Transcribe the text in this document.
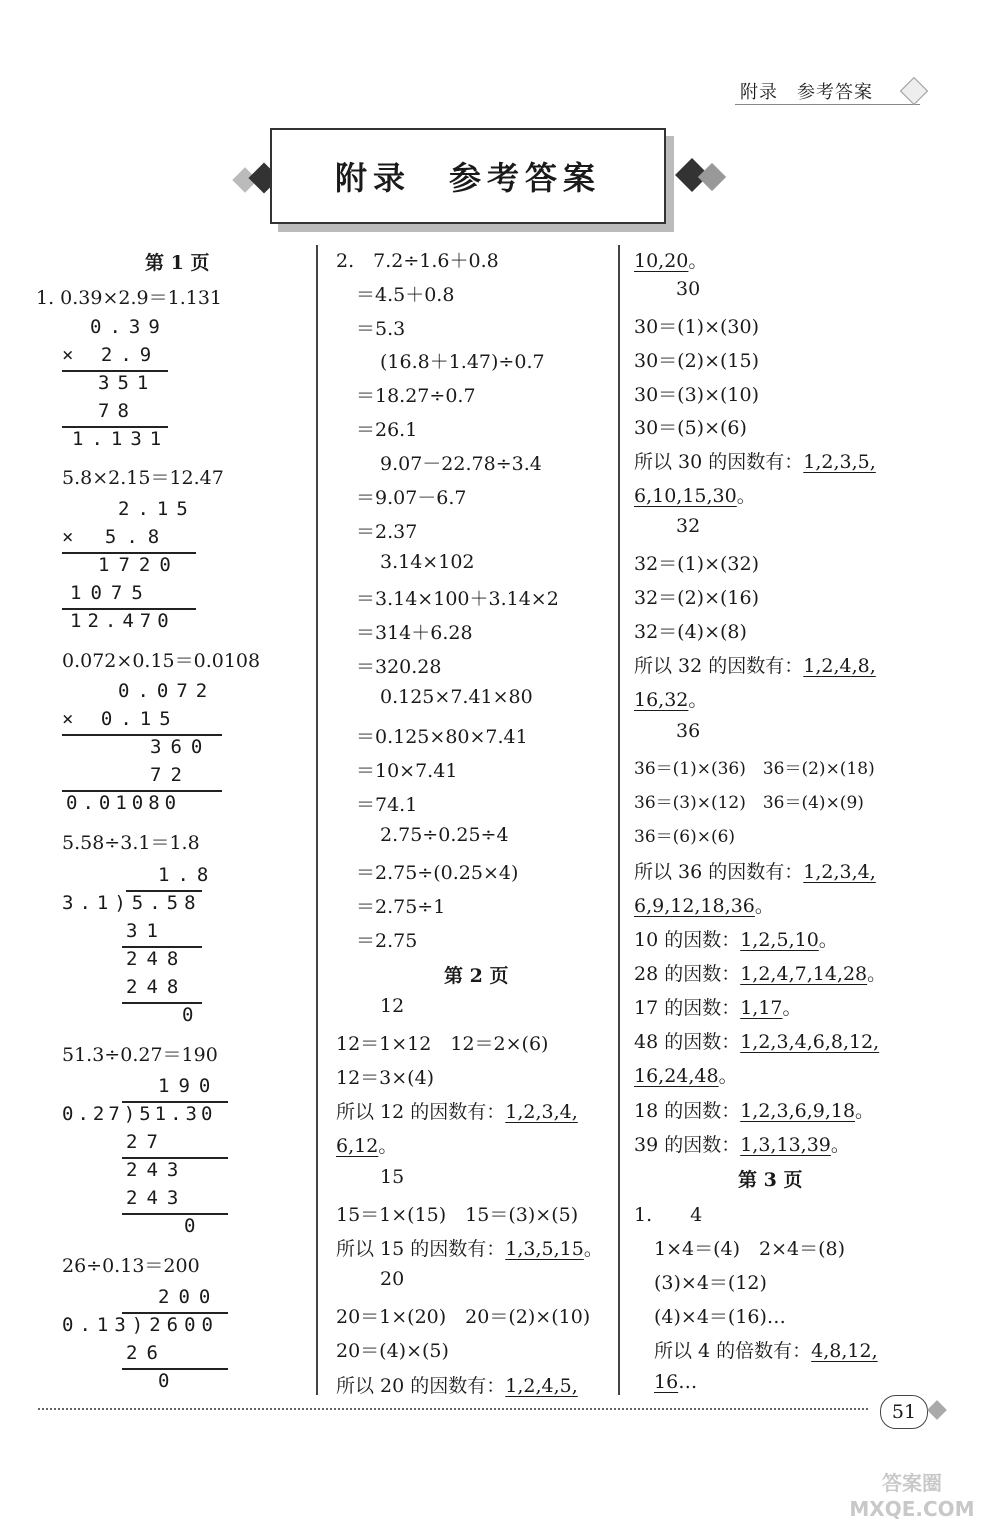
附录　参考答案
附录　参考答案
第 1 页
1. 0.39×2.9＝1.131
0.39
× 2.9
351
78
1.131
5.8×2.15＝12.47
2.15
× 5.8
1720
1075
12.470
0.072×0.15＝0.0108
0.072
× 0.15
360
72
0.01080
5.58÷3.1＝1.8
1.8
3.1)5.58
31
248
248
0
51.3÷0.27＝190
190
0.27)51.30
27
243
243
0
26÷0.13＝200
200
0.13)2600
26
0
2.　7.2÷1.6＋0.8
＝4.5＋0.8
＝5.3
(16.8＋1.47)÷0.7
＝18.27÷0.7
＝26.1
9.07－22.78÷3.4
＝9.07－6.7
＝2.37
3.14×102
＝3.14×100＋3.14×2
＝314＋6.28
＝320.28
0.125×7.41×80
＝0.125×80×7.41
＝10×7.41
＝74.1
2.75÷0.25÷4
＝2.75÷(0.25×4)
＝2.75÷1
＝2.75
第 2 页
12
12＝1×12　12＝2×(6)
12＝3×(4)
所以 12 的因数有：1,2,3,4,
6,12。
15
15＝1×(15)　15＝(3)×(5)
所以 15 的因数有：1,3,5,15。
20
20＝1×(20)　20＝(2)×(10)
20＝(4)×(5)
所以 20 的因数有：1,2,4,5,
10,20。
30
30＝(1)×(30)
30＝(2)×(15)
30＝(3)×(10)
30＝(5)×(6)
所以 30 的因数有：1,2,3,5,
6,10,15,30。
32
32＝(1)×(32)
32＝(2)×(16)
32＝(4)×(8)
所以 32 的因数有：1,2,4,8,
16,32。
36
36＝(1)×(36)　36＝(2)×(18)
36＝(3)×(12)　36＝(4)×(9)
36＝(6)×(6)
所以 36 的因数有：1,2,3,4,
6,9,12,18,36。
10 的因数：1,2,5,10。
28 的因数：1,2,4,7,14,28。
17 的因数：1,17。
48 的因数：1,2,3,4,6,8,12,
16,24,48。
18 的因数：1,2,3,6,9,18。
39 的因数：1,3,13,39。
第 3 页
1.　　4
1×4＝(4)　2×4＝(8)
(3)×4＝(12)
(4)×4＝(16)…
所以 4 的倍数有：4,8,12,
16…
51
答案圈 MXQE.COM
